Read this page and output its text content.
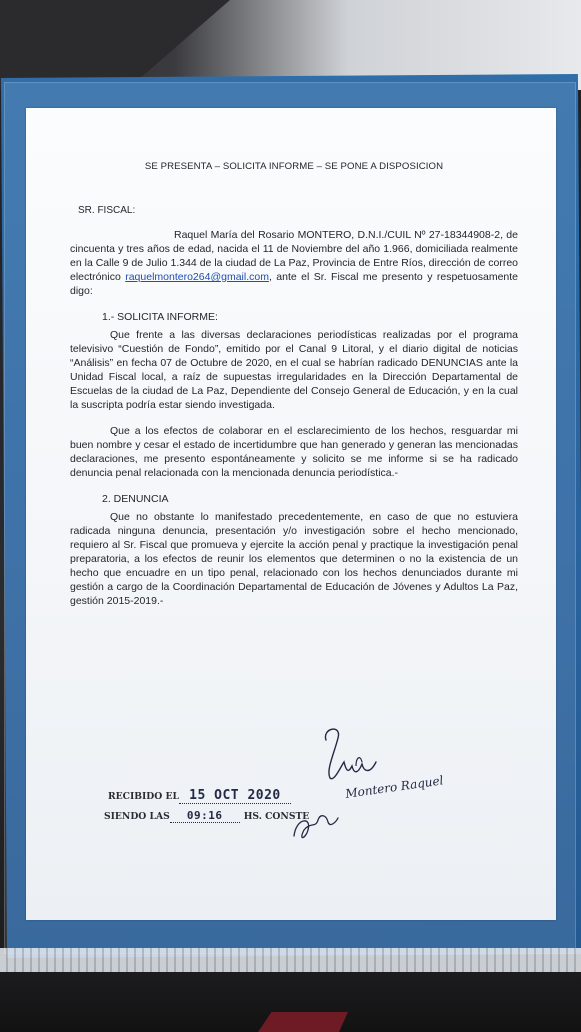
SE PRESENTA – SOLICITA INFORME – SE PONE A DISPOSICION
SR. FISCAL:

Raquel María del Rosario MONTERO, D.N.I./CUIL Nº 27-18344908-2, de cincuenta y tres años de edad, nacida el 11 de Noviembre del año 1.966, domiciliada realmente en la Calle 9 de Julio 1.344 de la ciudad de La Paz, Provincia de Entre Ríos, dirección de correo electrónico raquelmontero264@gmail.com, ante el Sr. Fiscal me presento y respetuosamente digo:

1.- SOLICITA INFORME:

Que frente a las diversas declaraciones periodísticas realizadas por el programa televisivo “Cuestión de Fondo”, emitido por el Canal 9 Litoral, y el diario digital de noticias “Análisis” en fecha 07 de Octubre de 2020, en el cual se habrían radicado DENUNCIAS ante la Unidad Fiscal local, a raíz de supuestas irregularidades en la Dirección Departamental de Escuelas de la ciudad de La Paz, Dependiente del Consejo General de Educación, y en la cual la suscripta podría estar siendo investigada.

Que a los efectos de colaborar en el esclarecimiento de los hechos, resguardar mi buen nombre y cesar el estado de incertidumbre que han generado y generan las mencionadas declaraciones, me presento espontáneamente y solicito se me informe si se ha radicado denuncia penal relacionada con la mencionada denuncia periodística.-

2. DENUNCIA

Que no obstante lo manifestado precedentemente, en caso de que no estuviera radicada ninguna denuncia, presentación y/o investigación sobre el hecho mencionado, requiero al Sr. Fiscal que promueva y ejercite la acción penal y practique la investigación penal preparatoria, a los efectos de reunir los elementos que determinen o no la existencia de un hecho que encuadre en un tipo penal, relacionado con los hechos denunciados durante mi gestión a cargo de la Coordinación Departamental de Educación de Jóvenes y Adultos La Paz, gestión 2015-2019.-

RECIBIDO EL 15 OCT 2020
SIENDO LAS 09:16 HS. CONSTE
Montero Raquel
